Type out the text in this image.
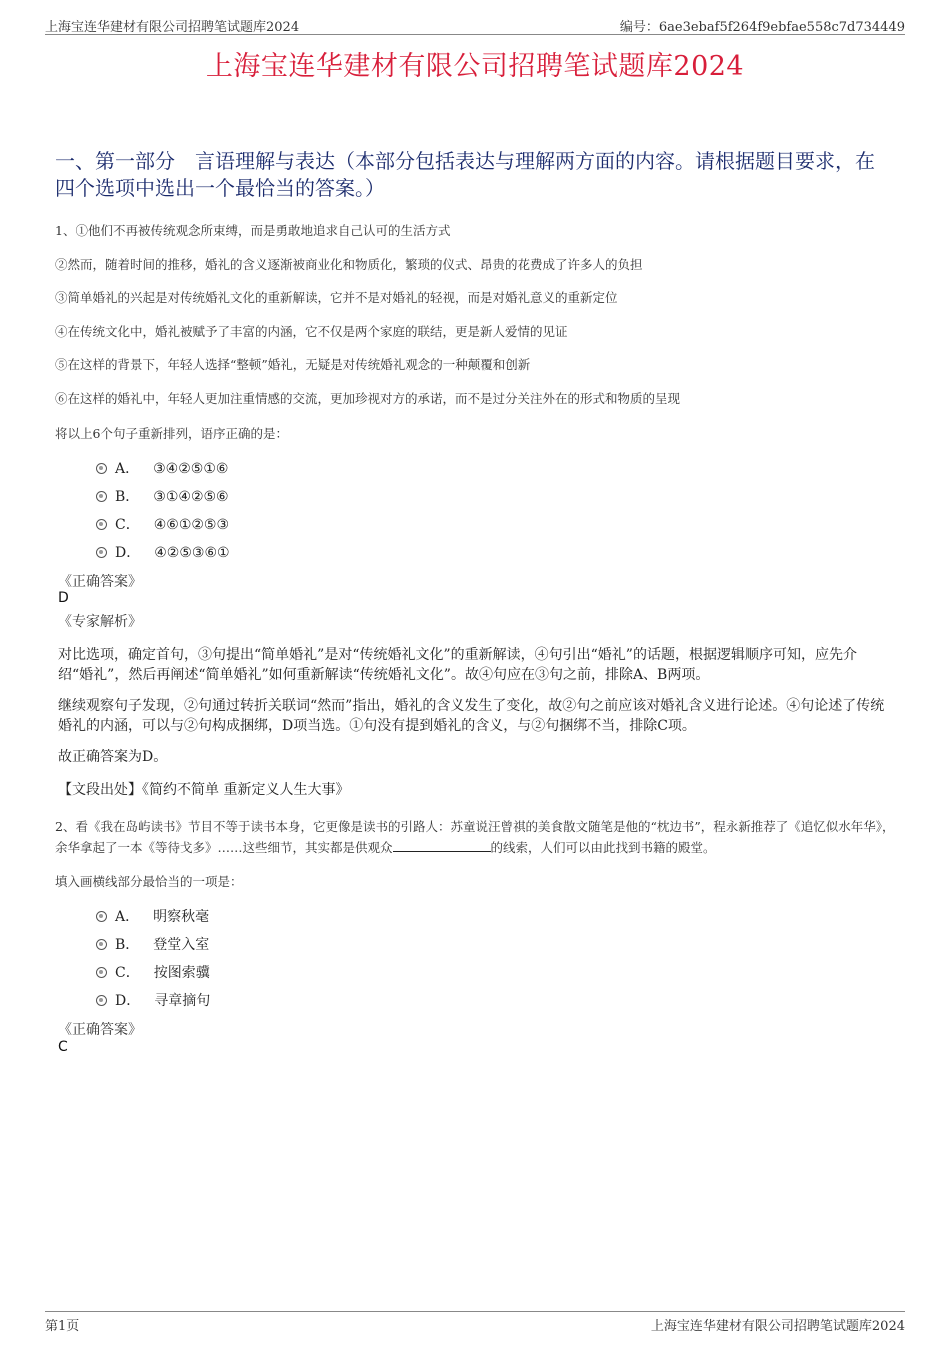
上海宝连华建材有限公司招聘笔试题库2024	编号：6ae3ebaf5f264f9ebfae558c7d734449
上海宝连华建材有限公司招聘笔试题库2024
一、第一部分　言语理解与表达（本部分包括表达与理解两方面的内容。请根据题目要求，在四个选项中选出一个最恰当的答案。）
1、①他们不再被传统观念所束缚，而是勇敢地追求自己认可的生活方式
②然而，随着时间的推移，婚礼的含义逐渐被商业化和物质化，繁琐的仪式、昂贵的花费成了许多人的负担
③简单婚礼的兴起是对传统婚礼文化的重新解读，它并不是对婚礼的轻视，而是对婚礼意义的重新定位
④在传统文化中，婚礼被赋予了丰富的内涵，它不仅是两个家庭的联结，更是新人爱情的见证
⑤在这样的背景下，年轻人选择“整顿”婚礼，无疑是对传统婚礼观念的一种颠覆和创新
⑥在这样的婚礼中，年轻人更加注重情感的交流，更加珍视对方的承诺，而不是过分关注外在的形式和物质的呈现
将以上6个句子重新排列，语序正确的是：
A． ③④②⑤①⑥
B． ③①④②⑤⑥
C． ④⑥①②⑤③
D． ④②⑤③⑥①
《正确答案》
D
《专家解析》
对比选项，确定首句，③句提出“简单婚礼”是对“传统婚礼文化”的重新解读，④句引出“婚礼”的话题，根据逻辑顺序可知，应先介绍“婚礼”，然后再阐述“简单婚礼”如何重新解读“传统婚礼文化”。故④句应在③句之前，排除A、B两项。
继续观察句子发现，②句通过转折关联词“然而”指出，婚礼的含义发生了变化，故②句之前应该对婚礼含义进行论述。④句论述了传统婚礼的内涵，可以与②句构成捆绑，D项当选。①句没有提到婚礼的含义，与②句捆绑不当，排除C项。
故正确答案为D。
【文段出处】《简约不简单 重新定义人生大事》
2、看《我在岛屿读书》节目不等于读书本身，它更像是读书的引路人：苏童说汪曾祺的美食散文随笔是他的“枕边书”，程永新推荐了《追忆似水年华》，余华拿起了一本《等待戈多》……这些细节，其实都是供观众	的线索，人们可以由此找到书籍的殿堂。
填入画横线部分最恰当的一项是：
A． 明察秋毫
B． 登堂入室
C． 按图索骥
D． 寻章摘句
《正确答案》
C
第1页	上海宝连华建材有限公司招聘笔试题库2024
